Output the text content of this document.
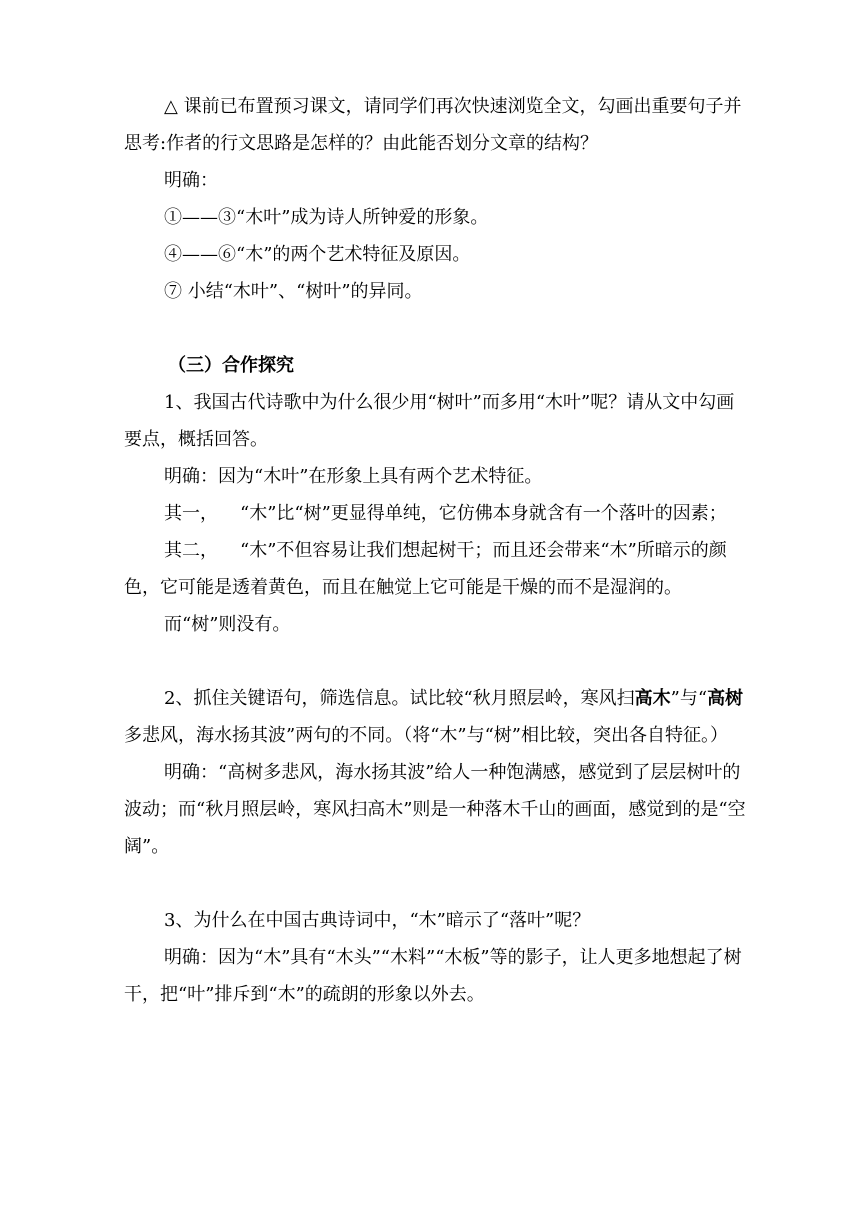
△ 课前已布置预习课文，请同学们再次快速浏览全文，勾画出重要句子并思考:作者的行文思路是怎样的？由此能否划分文章的结构？

明确：

①——③“木叶”成为诗人所钟爱的形象。

④——⑥“木”的两个艺术特征及原因。

⑦ 小结“木叶”、“树叶”的异同。

（三）合作探究

1、我国古代诗歌中为什么很少用“树叶”而多用“木叶”呢？请从文中勾画要点，概括回答。

明确：因为“木叶”在形象上具有两个艺术特征。

其一， “木”比“树”更显得单纯，它仿佛本身就含有一个落叶的因素；

其二， “木”不但容易让我们想起树干；而且还会带来“木”所暗示的颜色，它可能是透着黄色，而且在触觉上它可能是干燥的而不是湿润的。

而“树”则没有。

2、抓住关键语句，筛选信息。试比较“秋月照层岭，寒风扫高木”与“高树多悲风，海水扬其波”两句的不同。（将“木”与“树”相比较，突出各自特征。）

明确：“高树多悲风，海水扬其波”给人一种饱满感，感觉到了层层树叶的波动；而“秋月照层岭，寒风扫高木”则是一种落木千山的画面，感觉到的是“空阔”。

3、为什么在中国古典诗词中，“木”暗示了“落叶”呢？

明确：因为“木”具有“木头”“木料”“木板”等的影子，让人更多地想起了树干，把“叶”排斥到“木”的疏朗的形象以外去。
